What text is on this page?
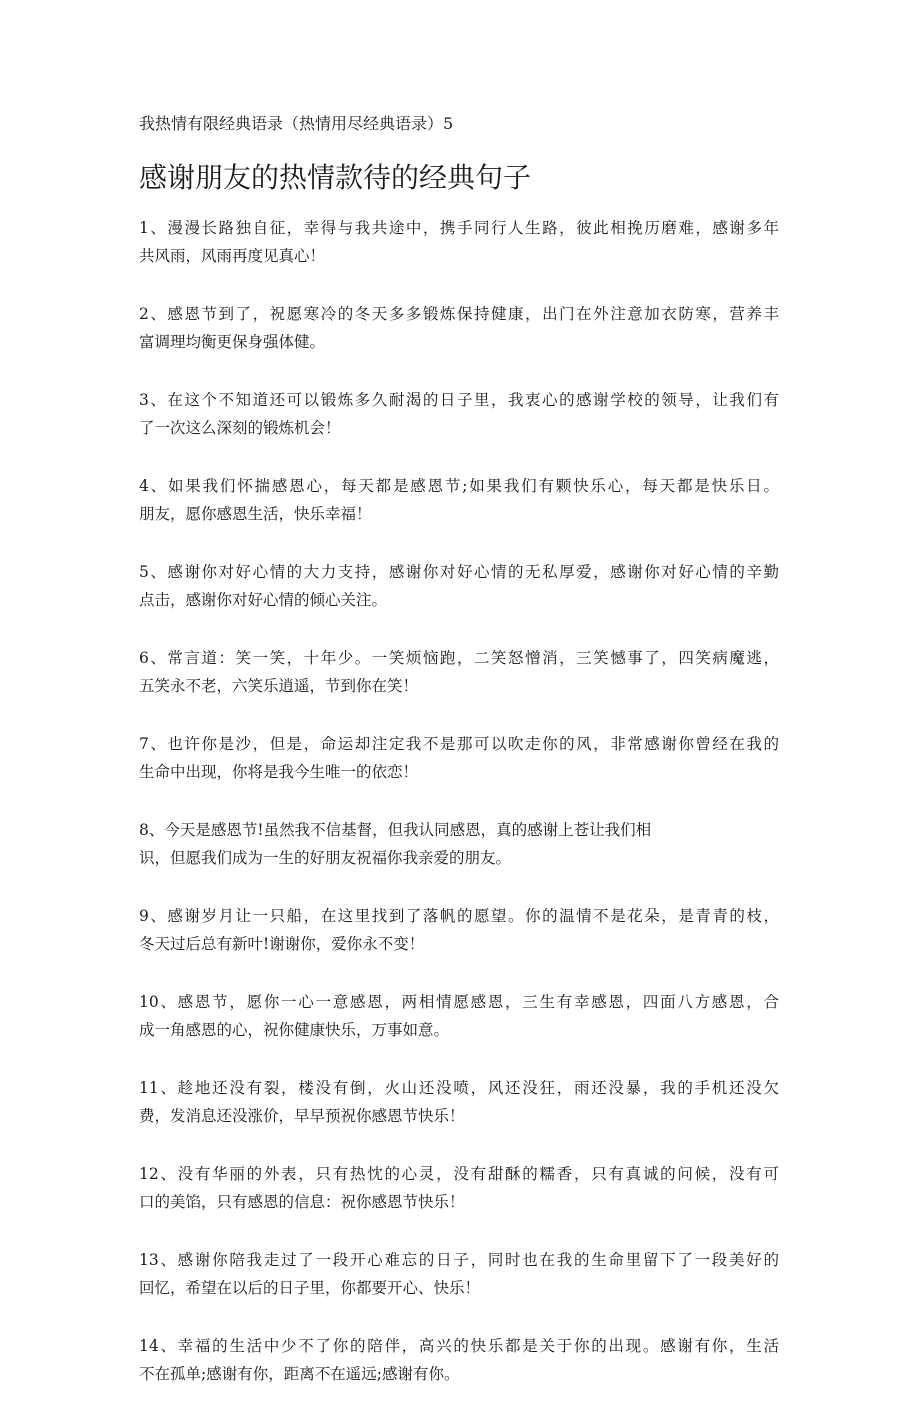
我热情有限经典语录（热情用尽经典语录）5
感谢朋友的热情款待的经典句子
1、漫漫长路独自征，幸得与我共途中，携手同行人生路，彼此相挽历磨难，感谢多年
共风雨，风雨再度见真心！
2、感恩节到了，祝愿寒冷的冬天多多锻炼保持健康，出门在外注意加衣防寒，营养丰
富调理均衡更保身强体健。
3、在这个不知道还可以锻炼多久耐渴的日子里，我衷心的感谢学校的领导，让我们有
了一次这么深刻的锻炼机会！
4、如果我们怀揣感恩心，每天都是感恩节;如果我们有颗快乐心，每天都是快乐日。
朋友，愿你感恩生活，快乐幸福！
5、感谢你对好心情的大力支持，感谢你对好心情的无私厚爱，感谢你对好心情的辛勤
点击，感谢你对好心情的倾心关注。
6、常言道：笑一笑，十年少。一笑烦恼跑，二笑怒憎消，三笑憾事了，四笑病魔逃，
五笑永不老，六笑乐逍遥，节到你在笑！
7、也许你是沙，但是，命运却注定我不是那可以吹走你的风，非常感谢你曾经在我的
生命中出现，你将是我今生唯一的依恋！
8、今天是感恩节!虽然我不信基督，但我认同感恩，真的感谢上苍让我们相
识，但愿我们成为一生的好朋友祝福你我亲爱的朋友。
9、感谢岁月让一只船，在这里找到了落帆的愿望。你的温情不是花朵，是青青的枝，
冬天过后总有新叶!谢谢你，爱你永不变！
10、感恩节，愿你一心一意感恩，两相情愿感恩，三生有幸感恩，四面八方感恩，合
成一角感恩的心，祝你健康快乐，万事如意。
11、趁地还没有裂，楼没有倒，火山还没喷，风还没狂，雨还没暴，我的手机还没欠
费，发消息还没涨价，早早预祝你感恩节快乐！
12、没有华丽的外表，只有热忱的心灵，没有甜酥的糯香，只有真诚的问候，没有可
口的美馅，只有感恩的信息：祝你感恩节快乐！
13、感谢你陪我走过了一段开心难忘的日子，同时也在我的生命里留下了一段美好的
回忆，希望在以后的日子里，你都要开心、快乐！
14、幸福的生活中少不了你的陪伴，高兴的快乐都是关于你的出现。感谢有你，生活
不在孤单;感谢有你，距离不在遥远;感谢有你。
